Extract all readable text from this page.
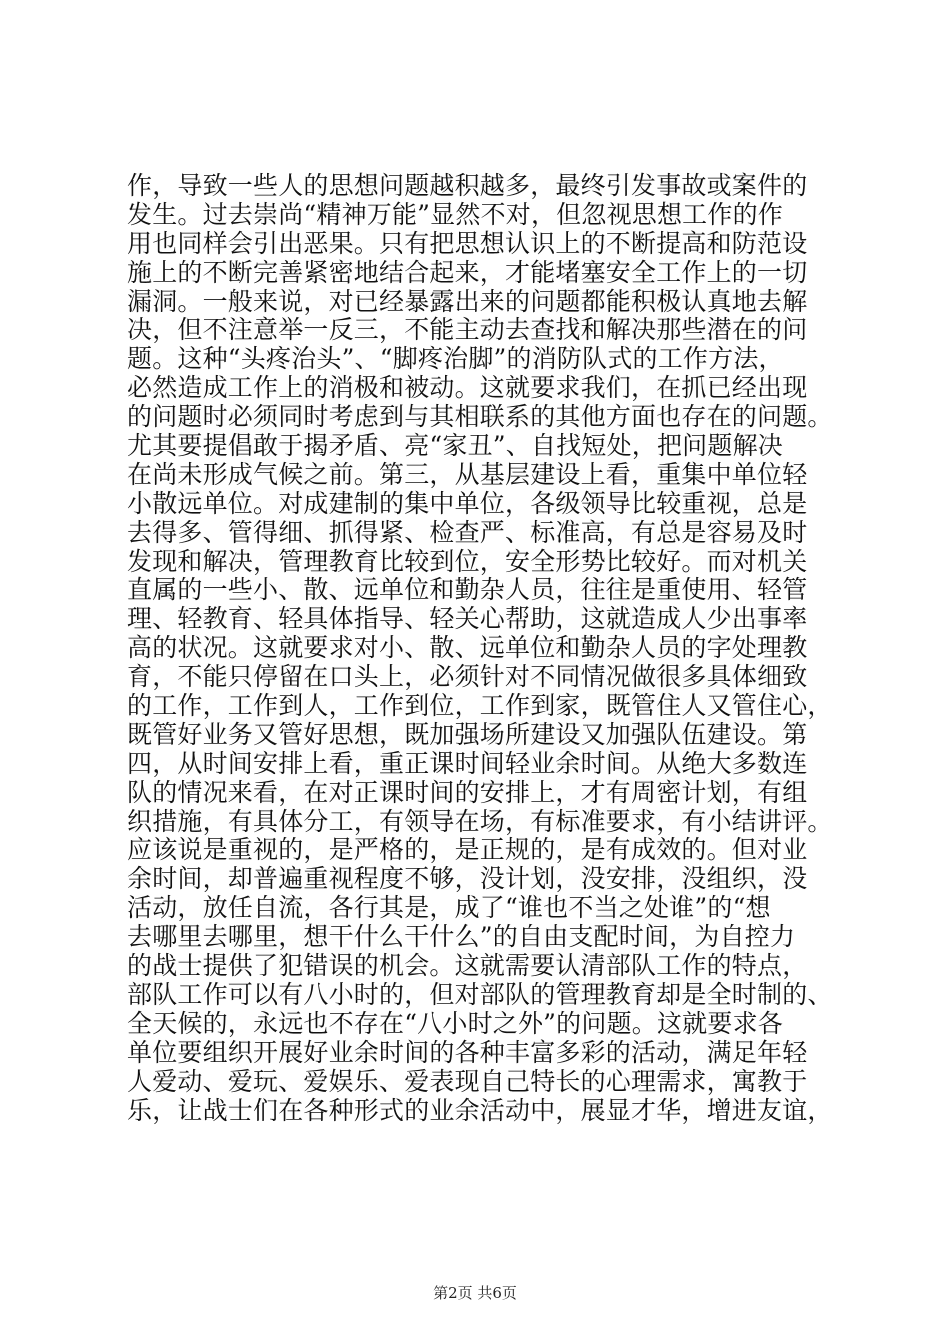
作，导致一些人的思想问题越积越多，最终引发事故或案件的
发生。过去崇尚“精神万能”显然不对，但忽视思想工作的作
用也同样会引出恶果。只有把思想认识上的不断提高和防范设
施上的不断完善紧密地结合起来，才能堵塞安全工作上的一切
漏洞。一般来说，对已经暴露出来的问题都能积极认真地去解
决，但不注意举一反三，不能主动去查找和解决那些潜在的问
题。这种“头疼治头”、“脚疼治脚”的消防队式的工作方法，
必然造成工作上的消极和被动。这就要求我们，在抓已经出现
的问题时必须同时考虑到与其相联系的其他方面也存在的问题。
尤其要提倡敢于揭矛盾、亮“家丑”、自找短处，把问题解决
在尚未形成气候之前。第三，从基层建设上看，重集中单位轻
小散远单位。对成建制的集中单位，各级领导比较重视，总是
去得多、管得细、抓得紧、检查严、标准高，有总是容易及时
发现和解决，管理教育比较到位，安全形势比较好。而对机关
直属的一些小、散、远单位和勤杂人员，往往是重使用、轻管
理、轻教育、轻具体指导、轻关心帮助，这就造成人少出事率
高的状况。这就要求对小、散、远单位和勤杂人员的字处理教
育，不能只停留在口头上，必须针对不同情况做很多具体细致
的工作，工作到人，工作到位，工作到家，既管住人又管住心，
既管好业务又管好思想，既加强场所建设又加强队伍建设。第
四，从时间安排上看，重正课时间轻业余时间。从绝大多数连
队的情况来看，在对正课时间的安排上，才有周密计划，有组
织措施，有具体分工，有领导在场，有标准要求，有小结讲评。
应该说是重视的，是严格的，是正规的，是有成效的。但对业
余时间，却普遍重视程度不够，没计划，没安排，没组织，没
活动，放任自流，各行其是，成了“谁也不当之处谁”的“想
去哪里去哪里，想干什么干什么”的自由支配时间，为自控力
的战士提供了犯错误的机会。这就需要认清部队工作的特点，
部队工作可以有八小时的，但对部队的管理教育却是全时制的、
全天候的，永远也不存在“八小时之外”的问题。这就要求各
单位要组织开展好业余时间的各种丰富多彩的活动，满足年轻
人爱动、爱玩、爱娱乐、爱表现自己特长的心理需求，寓教于
乐，让战士们在各种形式的业余活动中，展显才华，增进友谊，
第2页 共6页
